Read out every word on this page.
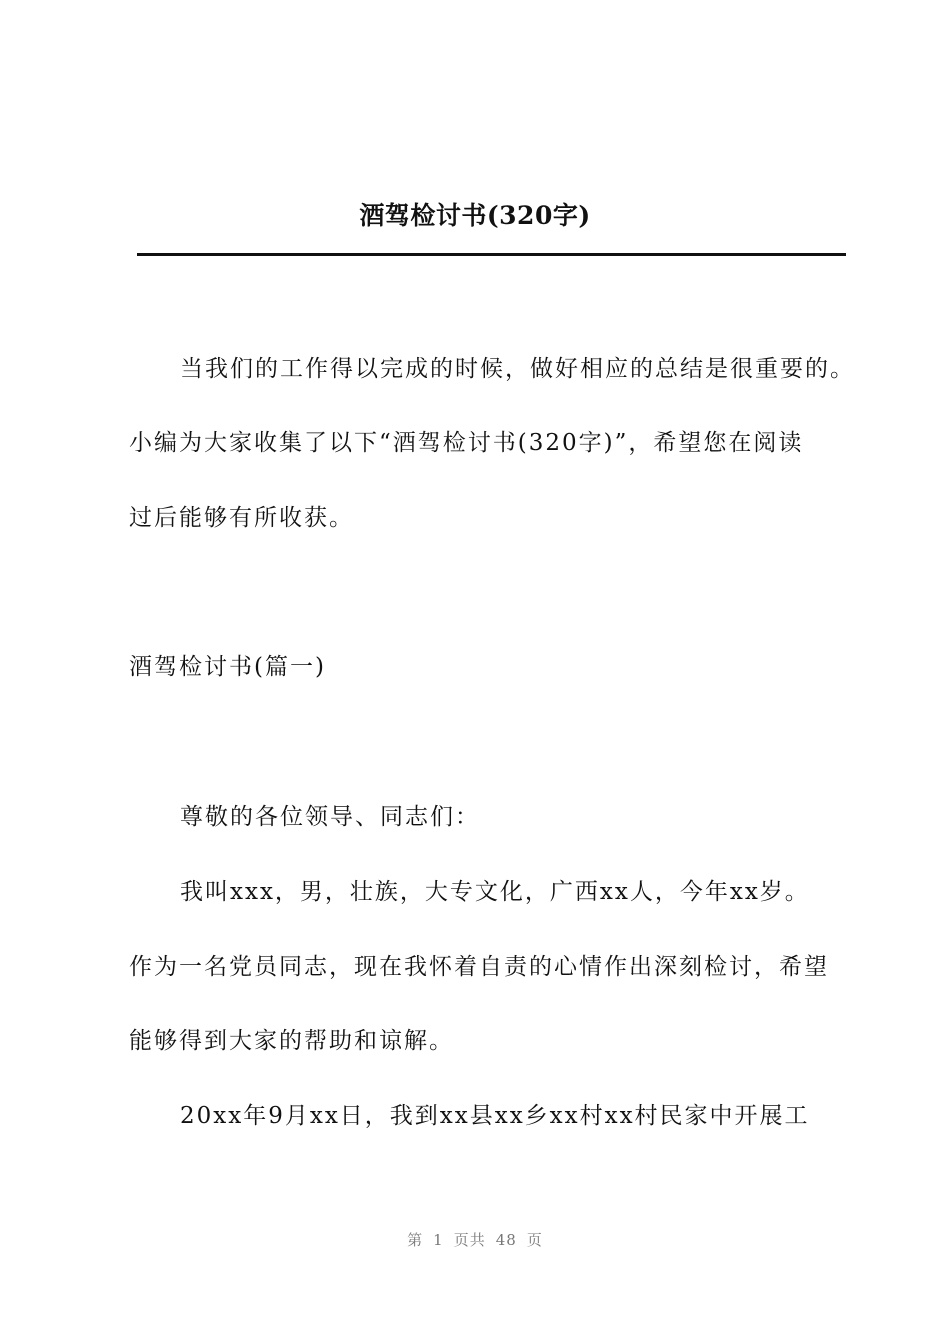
酒驾检讨书(320字)
当我们的工作得以完成的时候，做好相应的总结是很重要的。
小编为大家收集了以下“酒驾检讨书(320字)”，希望您在阅读
过后能够有所收获。
酒驾检讨书(篇一)
尊敬的各位领导、同志们：
我叫xxx，男，壮族，大专文化，广西xx人，今年xx岁。
作为一名党员同志，现在我怀着自责的心情作出深刻检讨，希望
能够得到大家的帮助和谅解。
20xx年9月xx日，我到xx县xx乡xx村xx村民家中开展工
第 1 页共 48 页
